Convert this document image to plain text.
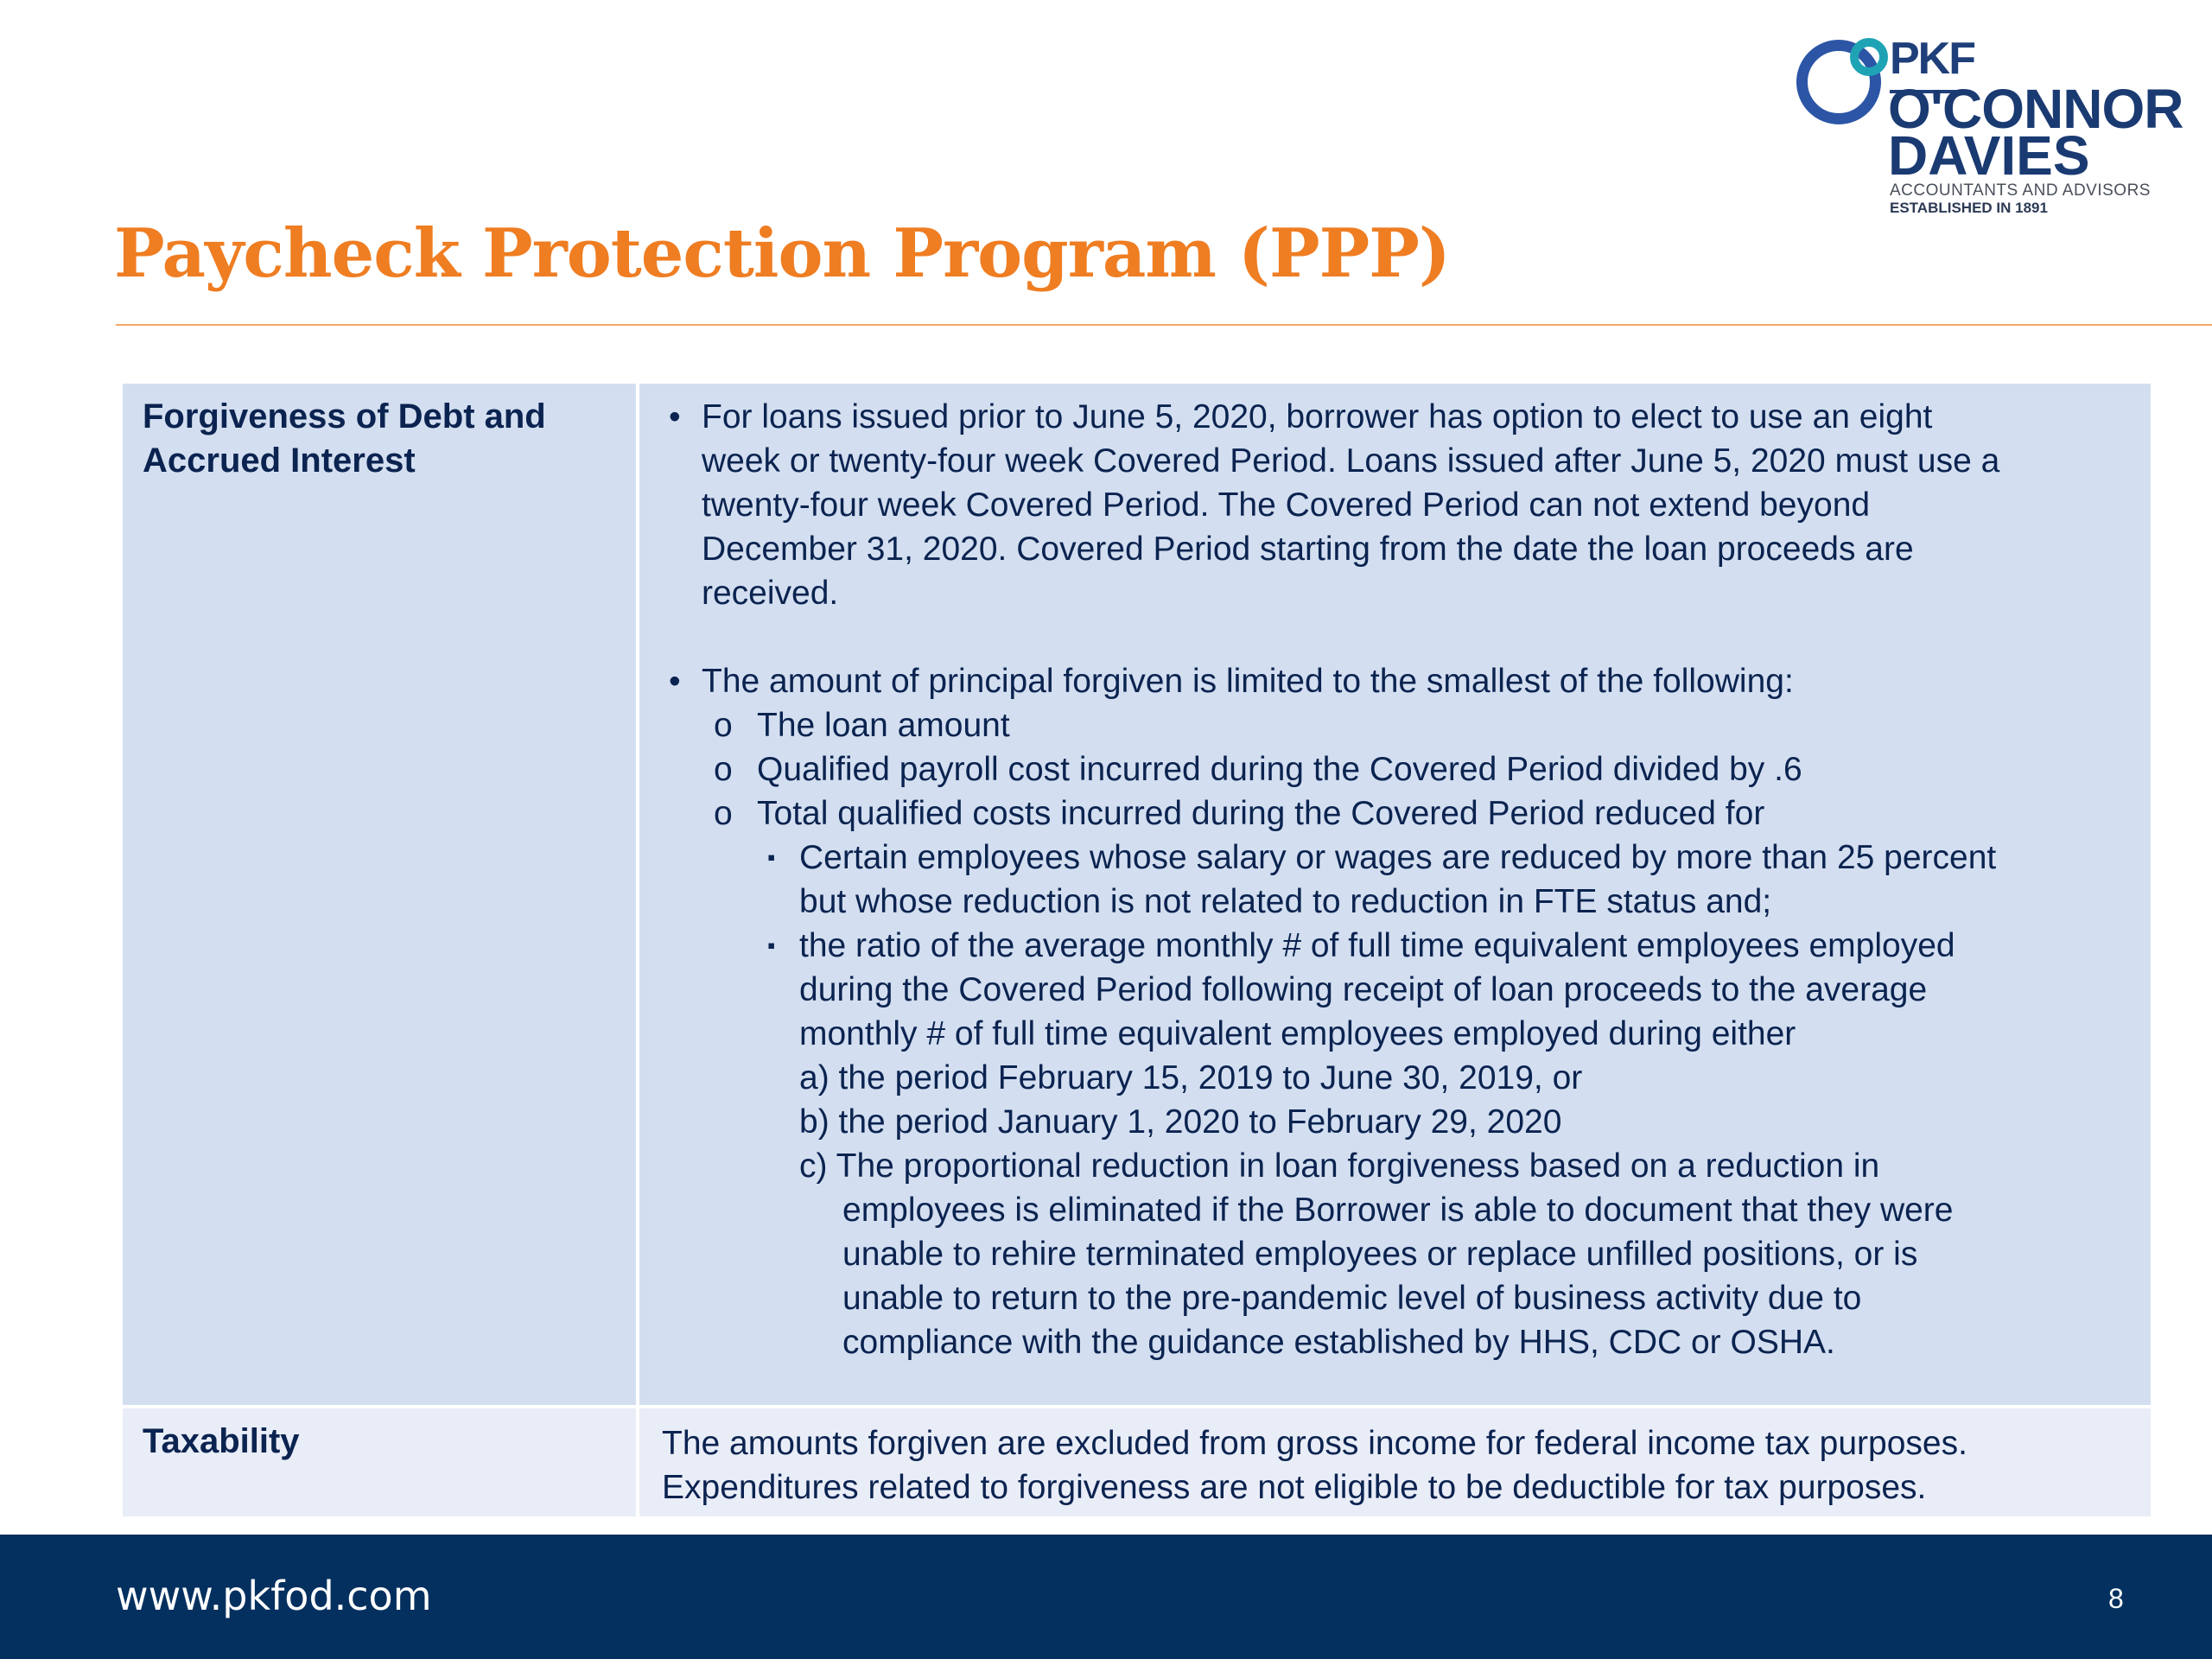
PKF
O'CONNOR
DAVIES
ACCOUNTANTS AND ADVISORS
ESTABLISHED IN 1891
Paycheck Protection Program (PPP)
Forgiveness of Debt and
Accrued Interest
• For loans issued prior to June 5, 2020, borrower has option to elect to use an eight
week or twenty-four week Covered Period. Loans issued after June 5, 2020 must use a
twenty-four week Covered Period. The Covered Period can not extend beyond
December 31, 2020. Covered Period starting from the date the loan proceeds are
received.
• The amount of principal forgiven is limited to the smallest of the following:
o The loan amount
o Qualified payroll cost incurred during the Covered Period divided by .6
o Total qualified costs incurred during the Covered Period reduced for
▪ Certain employees whose salary or wages are reduced by more than 25 percent
but whose reduction is not related to reduction in FTE status and;
▪ the ratio of the average monthly # of full time equivalent employees employed
during the Covered Period following receipt of loan proceeds to the average
monthly # of full time equivalent employees employed during either
a) the period February 15, 2019 to June 30, 2019, or
b) the period January 1, 2020 to February 29, 2020
c) The proportional reduction in loan forgiveness based on a reduction in
employees is eliminated if the Borrower is able to document that they were
unable to rehire terminated employees or replace unfilled positions, or is
unable to return to the pre-pandemic level of business activity due to
compliance with the guidance established by HHS, CDC or OSHA.
Taxability	The amounts forgiven are excluded from gross income for federal income tax purposes.
Expenditures related to forgiveness are not eligible to be deductible for tax purposes.
www.pkfod.com	8
